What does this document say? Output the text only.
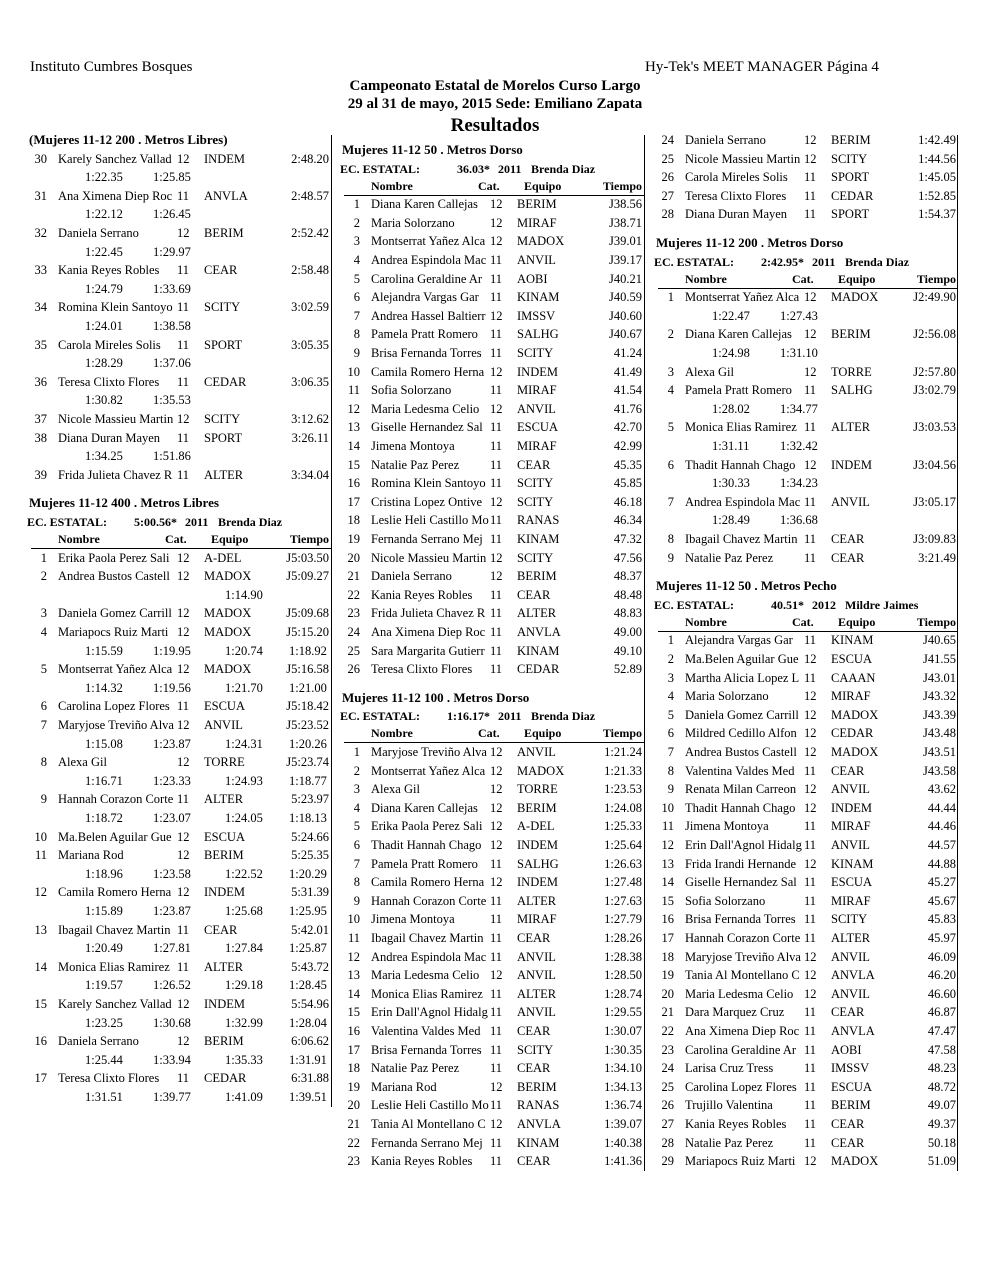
Instituto Cumbres Bosques	Hy-Tek's MEET MANAGER Página 4
Campeonato Estatal de Morelos Curso Largo
29 al 31 de mayo, 2015 Sede: Emiliano Zapata
Resultados
(Mujeres 11-12 200 . Metros Libres)
30 Karely Sanchez Vallad 12	INDEM	2:48.20
1:22.35	1:25.85
31 Ana Ximena Diep Roc 11	ANVLA	2:48.57
1:22.12	1:26.45
32 Daniela Serrano	12	BERIM	2:52.42
1:22.45	1:29.97
33 Kania Reyes Robles	11	CEAR	2:58.48
1:24.79	1:33.69
34 Romina Klein Santoyo 11	SCITY	3:02.59
1:24.01	1:38.58
35 Carola Mireles Solis	11	SPORT	3:05.35
1:28.29	1:37.06
36 Teresa Clixto Flores	11	CEDAR	3:06.35
1:30.82	1:35.53
37 Nicole Massieu Martin 12	SCITY	3:12.62
38 Diana Duran Mayen	11	SPORT	3:26.11
1:34.25	1:51.86
39 Frida Julieta Chavez R 11	ALTER	3:34.04
Mujeres 11-12 400 . Metros Libres
EC. ESTATAL:	5:00.56* 2011 Brenda Diaz
Nombre	Cat.	Equipo	Tiempo
1 Erika Paola Perez Sali 12	A-DEL	J5:03.50
2 Andrea Bustos Castell 12	MADOX	J5:09.27
1:14.90
3 Daniela Gomez Carrill 12	MADOX	J5:09.68
4 Mariapocs Ruiz Marti 12	MADOX	J5:15.20
1:15.59	1:19.95	1:20.74	1:18.92
5 Montserrat Yañez Alca 12	MADOX	J5:16.58
1:14.32	1:19.56	1:21.70	1:21.00
6 Carolina Lopez Flores 11	ESCUA	J5:18.42
7 Maryjose Treviño Alva 12	ANVIL	J5:23.52
1:15.08	1:23.87	1:24.31	1:20.26
8 Alexa Gil	12	TORRE	J5:23.74
1:16.71	1:23.33	1:24.93	1:18.77
9 Hannah Corazon Corte 11	ALTER	5:23.97
1:18.72	1:23.07	1:24.05	1:18.13
10 Ma.Belen Aguilar Gue 12	ESCUA	5:24.66
11 Mariana Rod	12	BERIM	5:25.35
1:18.96	1:23.58	1:22.52	1:20.29
12 Camila Romero Herna 12	INDEM	5:31.39
1:15.89	1:23.87	1:25.68	1:25.95
13 Ibagail Chavez Martin 11	CEAR	5:42.01
1:20.49	1:27.81	1:27.84	1:25.87
14 Monica Elias Ramirez 11	ALTER	5:43.72
1:19.57	1:26.52	1:29.18	1:28.45
15 Karely Sanchez Vallad 12	INDEM	5:54.96
1:23.25	1:30.68	1:32.99	1:28.04
16 Daniela Serrano	12	BERIM	6:06.62
1:25.44	1:33.94	1:35.33	1:31.91
17 Teresa Clixto Flores	11	CEDAR	6:31.88
1:31.51	1:39.77	1:41.09	1:39.51
Mujeres 11-12 50 . Metros Dorso
EC. ESTATAL:	36.03* 2011 Brenda Diaz
Nombre	Cat.	Equipo	Tiempo
1 Diana Karen Callejas 12	BERIM	J38.56
2 Maria Solorzano	12	MIRAF	J38.71
3 Montserrat Yañez Alca 12	MADOX	J39.01
4 Andrea Espindola Mac 11	ANVIL	J39.17
5 Carolina Geraldine Ar 11	AOBI	J40.21
6 Alejandra Vargas Gar 11	KINAM	J40.59
7 Andrea Hassel Baltierr 12	IMSSV	J40.60
8 Pamela Pratt Romero 11	SALHG	J40.67
9 Brisa Fernanda Torres 11	SCITY	41.24
10 Camila Romero Herna 12	INDEM	41.49
11 Sofia Solorzano	11	MIRAF	41.54
12 Maria Ledesma Celio 12	ANVIL	41.76
13 Giselle Hernandez Sal 11	ESCUA	42.70
14 Jimena Montoya	11	MIRAF	42.99
15 Natalie Paz Perez	11	CEAR	45.35
16 Romina Klein Santoyo 11	SCITY	45.85
17 Cristina Lopez Ontive 12	SCITY	46.18
18 Leslie Heli Castillo Mo 11	RANAS	46.34
19 Fernanda Serrano Mej 11	KINAM	47.32
20 Nicole Massieu Martin 12	SCITY	47.56
21 Daniela Serrano	12	BERIM	48.37
22 Kania Reyes Robles	11	CEAR	48.48
23 Frida Julieta Chavez R 11	ALTER	48.83
24 Ana Ximena Diep Roc 11	ANVLA	49.00
25 Sara Margarita Gutierr 11	KINAM	49.10
26 Teresa Clixto Flores	11	CEDAR	52.89
Mujeres 11-12 100 . Metros Dorso
EC. ESTATAL:	1:16.17* 2011 Brenda Diaz
Nombre	Cat.	Equipo	Tiempo
1 Maryjose Treviño Alva 12	ANVIL	1:21.24
2 Montserrat Yañez Alca 12	MADOX	1:21.33
3 Alexa Gil	12	TORRE	1:23.53
4 Diana Karen Callejas 12	BERIM	1:24.08
5 Erika Paola Perez Sali 12	A-DEL	1:25.33
6 Thadit Hannah Chago 12	INDEM	1:25.64
7 Pamela Pratt Romero 11	SALHG	1:26.63
8 Camila Romero Herna 12	INDEM	1:27.48
9 Hannah Corazon Corte 11	ALTER	1:27.63
10 Jimena Montoya	11	MIRAF	1:27.79
11 Ibagail Chavez Martin 11	CEAR	1:28.26
12 Andrea Espindola Mac 11	ANVIL	1:28.38
13 Maria Ledesma Celio 12	ANVIL	1:28.50
14 Monica Elias Ramirez 11	ALTER	1:28.74
15 Erin Dall'Agnol Hidalg 11	ANVIL	1:29.55
16 Valentina Valdes Med 11	CEAR	1:30.07
17 Brisa Fernanda Torres 11	SCITY	1:30.35
18 Natalie Paz Perez	11	CEAR	1:34.10
19 Mariana Rod	12	BERIM	1:34.13
20 Leslie Heli Castillo Mo 11	RANAS	1:36.74
21 Tania Al Montellano C 12	ANVLA	1:39.07
22 Fernanda Serrano Mej 11	KINAM	1:40.38
23 Kania Reyes Robles	11	CEAR	1:41.36
24 Daniela Serrano	12	BERIM	1:42.49
25 Nicole Massieu Martin 12	SCITY	1:44.56
26 Carola Mireles Solis	11	SPORT	1:45.05
27 Teresa Clixto Flores	11	CEDAR	1:52.85
28 Diana Duran Mayen	11	SPORT	1:54.37
Mujeres 11-12 200 . Metros Dorso
EC. ESTATAL:	2:42.95* 2011 Brenda Diaz
Nombre	Cat.	Equipo	Tiempo
1 Montserrat Yañez Alca 12	MADOX	J2:49.90
1:22.47	1:27.43
2 Diana Karen Callejas 12	BERIM	J2:56.08
1:24.98	1:31.10
3 Alexa Gil	12	TORRE	J2:57.80
4 Pamela Pratt Romero 11	SALHG	J3:02.79
1:28.02	1:34.77
5 Monica Elias Ramirez 11	ALTER	J3:03.53
1:31.11	1:32.42
6 Thadit Hannah Chago 12	INDEM	J3:04.56
1:30.33	1:34.23
7 Andrea Espindola Mac 11	ANVIL	J3:05.17
1:28.49	1:36.68
8 Ibagail Chavez Martin 11	CEAR	J3:09.83
9 Natalie Paz Perez	11	CEAR	3:21.49
Mujeres 11-12 50 . Metros Pecho
EC. ESTATAL:	40.51* 2012 Mildre Jaimes
Nombre	Cat.	Equipo	Tiempo
1 Alejandra Vargas Gar 11	KINAM	J40.65
2 Ma.Belen Aguilar Gue 12	ESCUA	J41.55
3 Martha Alicia Lopez L 11	CAAAN	J43.01
4 Maria Solorzano	12	MIRAF	J43.32
5 Daniela Gomez Carrill 12	MADOX	J43.39
6 Mildred Cedillo Alfon 12	CEDAR	J43.48
7 Andrea Bustos Castell 12	MADOX	J43.51
8 Valentina Valdes Med 11	CEAR	J43.58
9 Renata Milan Carreon 12	ANVIL	43.62
10 Thadit Hannah Chago 12	INDEM	44.44
11 Jimena Montoya	11	MIRAF	44.46
12 Erin Dall'Agnol Hidalg 11	ANVIL	44.57
13 Frida Irandi Hernande 12	KINAM	44.88
14 Giselle Hernandez Sal 11	ESCUA	45.27
15 Sofia Solorzano	11	MIRAF	45.67
16 Brisa Fernanda Torres 11	SCITY	45.83
17 Hannah Corazon Corte 11	ALTER	45.97
18 Maryjose Treviño Alva 12	ANVIL	46.09
19 Tania Al Montellano C 12	ANVLA	46.20
20 Maria Ledesma Celio 12	ANVIL	46.60
21 Dara Marquez Cruz	11	CEAR	46.87
22 Ana Ximena Diep Roc 11	ANVLA	47.47
23 Carolina Geraldine Ar 11	AOBI	47.58
24 Larisa Cruz Tress	11	IMSSV	48.23
25 Carolina Lopez Flores 11	ESCUA	48.72
26 Trujillo Valentina	11	BERIM	49.07
27 Kania Reyes Robles	11	CEAR	49.37
28 Natalie Paz Perez	11	CEAR	50.18
29 Mariapocs Ruiz Marti 12	MADOX	51.09
